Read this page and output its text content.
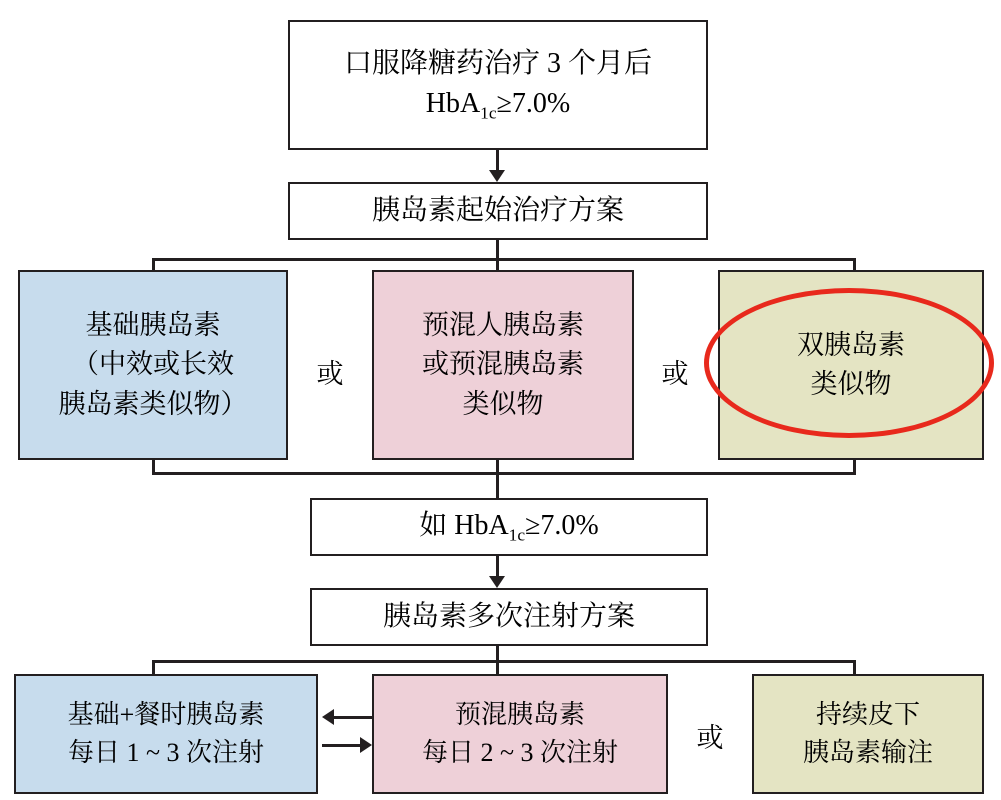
口服降糖药治疗 3 个月后
HbA$_{1c}$≥7.0%
胰岛素起始治疗方案
基础胰岛素
（中效或长效
胰岛素类似物）
或
预混人胰岛素
或预混胰岛素
类似物
或
双胰岛素
类似物
如 HbA$_{1c}$≥7.0%
胰岛素多次注射方案
基础+餐时胰岛素
每日 1 ~ 3 次注射
预混胰岛素
每日 2 ~ 3 次注射	或
持续皮下
胰岛素输注
